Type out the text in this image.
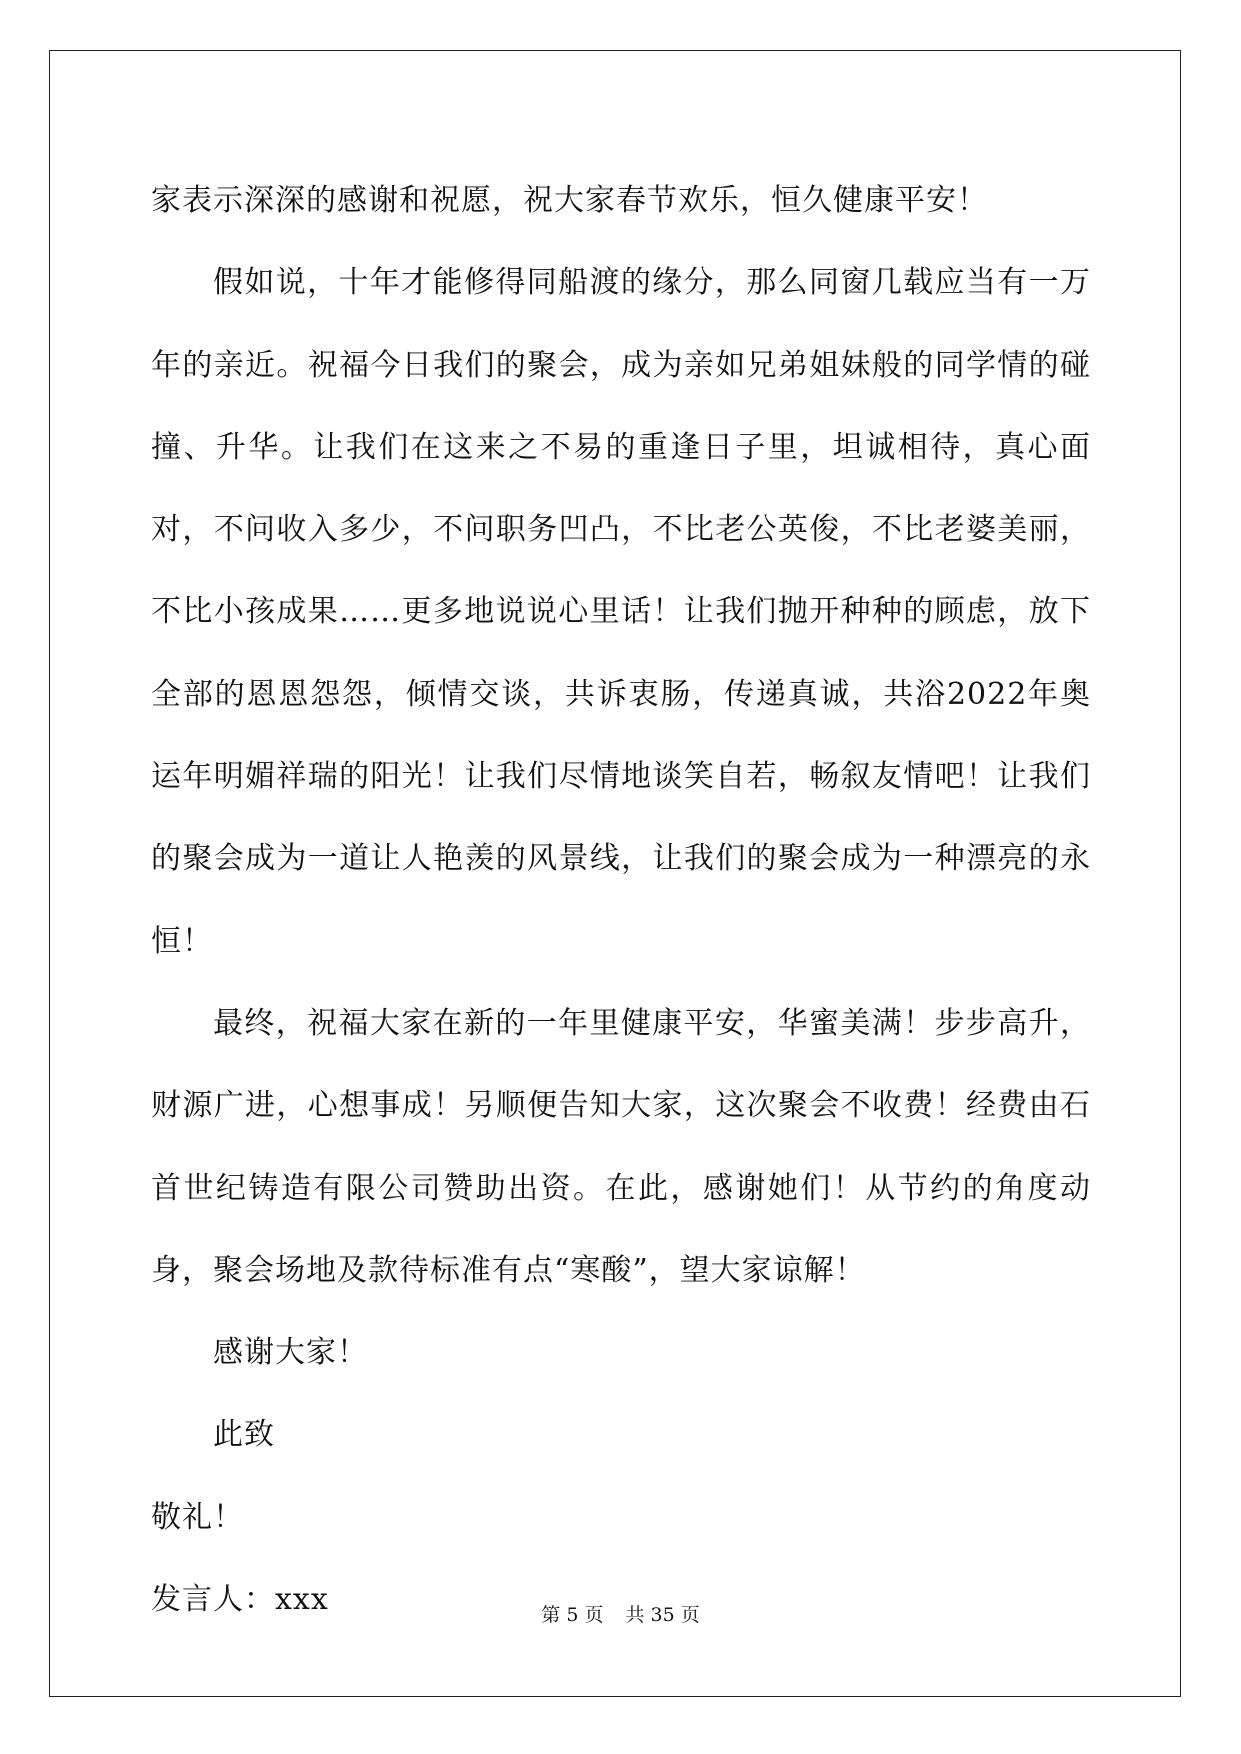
家表示深深的感谢和祝愿，祝大家春节欢乐，恒久健康平安！

假如说，十年才能修得同船渡的缘分，那么同窗几载应当有一万年的亲近。祝福今日我们的聚会，成为亲如兄弟姐妹般的同学情的碰撞、升华。让我们在这来之不易的重逢日子里，坦诚相待，真心面对，不问收入多少，不问职务凹凸，不比老公英俊，不比老婆美丽，不比小孩成果……更多地说说心里话！让我们抛开种种的顾虑，放下全部的恩恩怨怨，倾情交谈，共诉衷肠，传递真诚，共浴2022年奥运年明媚祥瑞的阳光！让我们尽情地谈笑自若，畅叙友情吧！让我们的聚会成为一道让人艳羡的风景线，让我们的聚会成为一种漂亮的永恒！

最终，祝福大家在新的一年里健康平安，华蜜美满！步步高升，财源广进，心想事成！另顺便告知大家，这次聚会不收费！经费由石首世纪铸造有限公司赞助出资。在此，感谢她们！从节约的角度动身，聚会场地及款待标准有点“寒酸”，望大家谅解！

感谢大家！

此致

敬礼！

发言人：xxx	第 5 页 共 35 页
